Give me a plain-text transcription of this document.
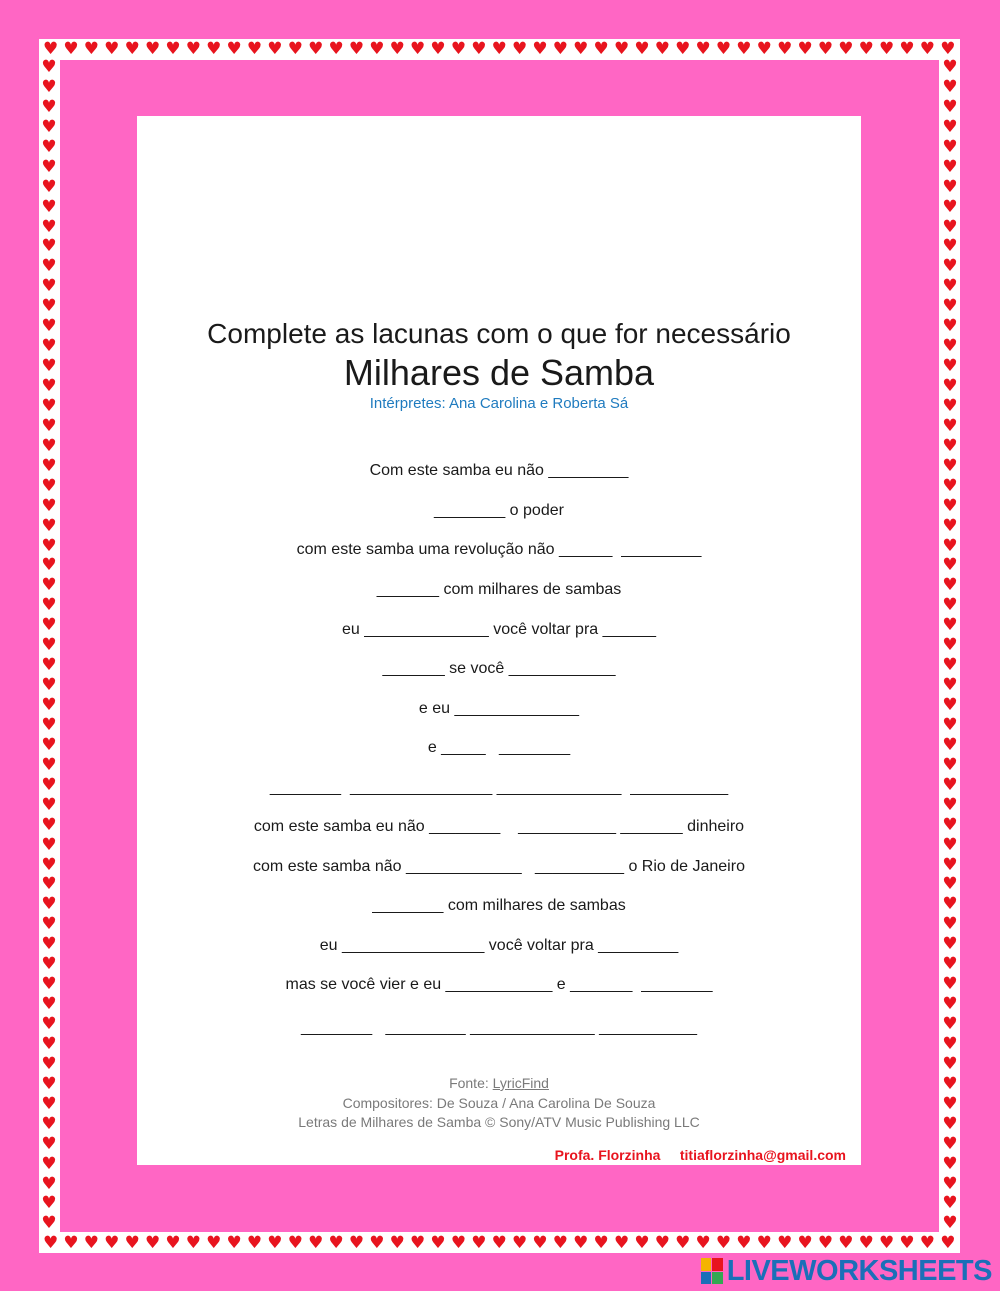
♥ ♥ ♥ ♥ ♥ ♥ ♥ ♥ ♥ ♥ ♥ ♥ ♥ ♥ ♥ ♥ ♥ ♥ ♥ ♥ ♥ ♥ ♥ ♥ ♥ ♥ ♥ ♥ ♥ ♥ ♥ ♥ ♥ ♥ ♥ ♥ ♥ ♥ ♥ ♥ ♥ ♥ ♥ ♥ ♥
♥ ♥ ♥ ♥ ♥ ♥ ♥ ♥ ♥ ♥ ♥ ♥ ♥ ♥ ♥ ♥ ♥ ♥ ♥ ♥ ♥ ♥ ♥ ♥ ♥ ♥ ♥ ♥ ♥ ♥ ♥ ♥ ♥ ♥ ♥ ♥ ♥ ♥ ♥ ♥ ♥ ♥ ♥ ♥ ♥
♥
♥
♥
♥
♥
♥
♥
♥
♥
♥
♥
♥
♥
♥
♥
♥
♥
♥
♥
♥
♥
♥
♥
♥
♥
♥
♥
♥
♥
♥
♥
♥
♥
♥
♥
♥
♥
♥
♥
♥
♥
♥
♥
♥
♥
♥
♥
♥
♥
♥
♥
♥
♥
♥
♥
♥
♥
♥
♥
♥
♥
♥
♥
♥
♥
♥
♥
♥
♥
♥
♥
♥
♥
♥
♥
♥
♥
♥
♥
♥
♥
♥
♥
♥
♥
♥
♥
♥
♥
♥
♥
♥
♥
♥
♥
♥
♥
♥
♥
♥
♥
♥
♥
♥
♥
♥
♥
♥
♥
♥
♥
♥
♥
♥
♥
♥
♥
♥
Complete as lacunas com o que for necessário
Milhares de Samba
Intérpretes: Ana Carolina e Roberta Sá
Com este samba eu não _________
________ o poder
com este samba uma revolução não ______  _________
_______ com milhares de sambas
eu ______________ você voltar pra ______
_______ se você ____________
e eu ______________
e _____   ________
________  ________________ ______________  ___________
com este samba eu não ________    ___________ _______ dinheiro
com este samba não _____________   __________ o Rio de Janeiro
________ com milhares de sambas
eu ________________ você voltar pra _________
mas se você vier e eu ____________ e _______  ________
________   _________ ______________ ___________
Fonte: LyricFind
Compositores: De Souza / Ana Carolina De Souza
Letras de Milhares de Samba © Sony/ATV Music Publishing LLC
Profa. Florzinha titiaflorzinha@gmail.com
LIVEWORKSHEETS
